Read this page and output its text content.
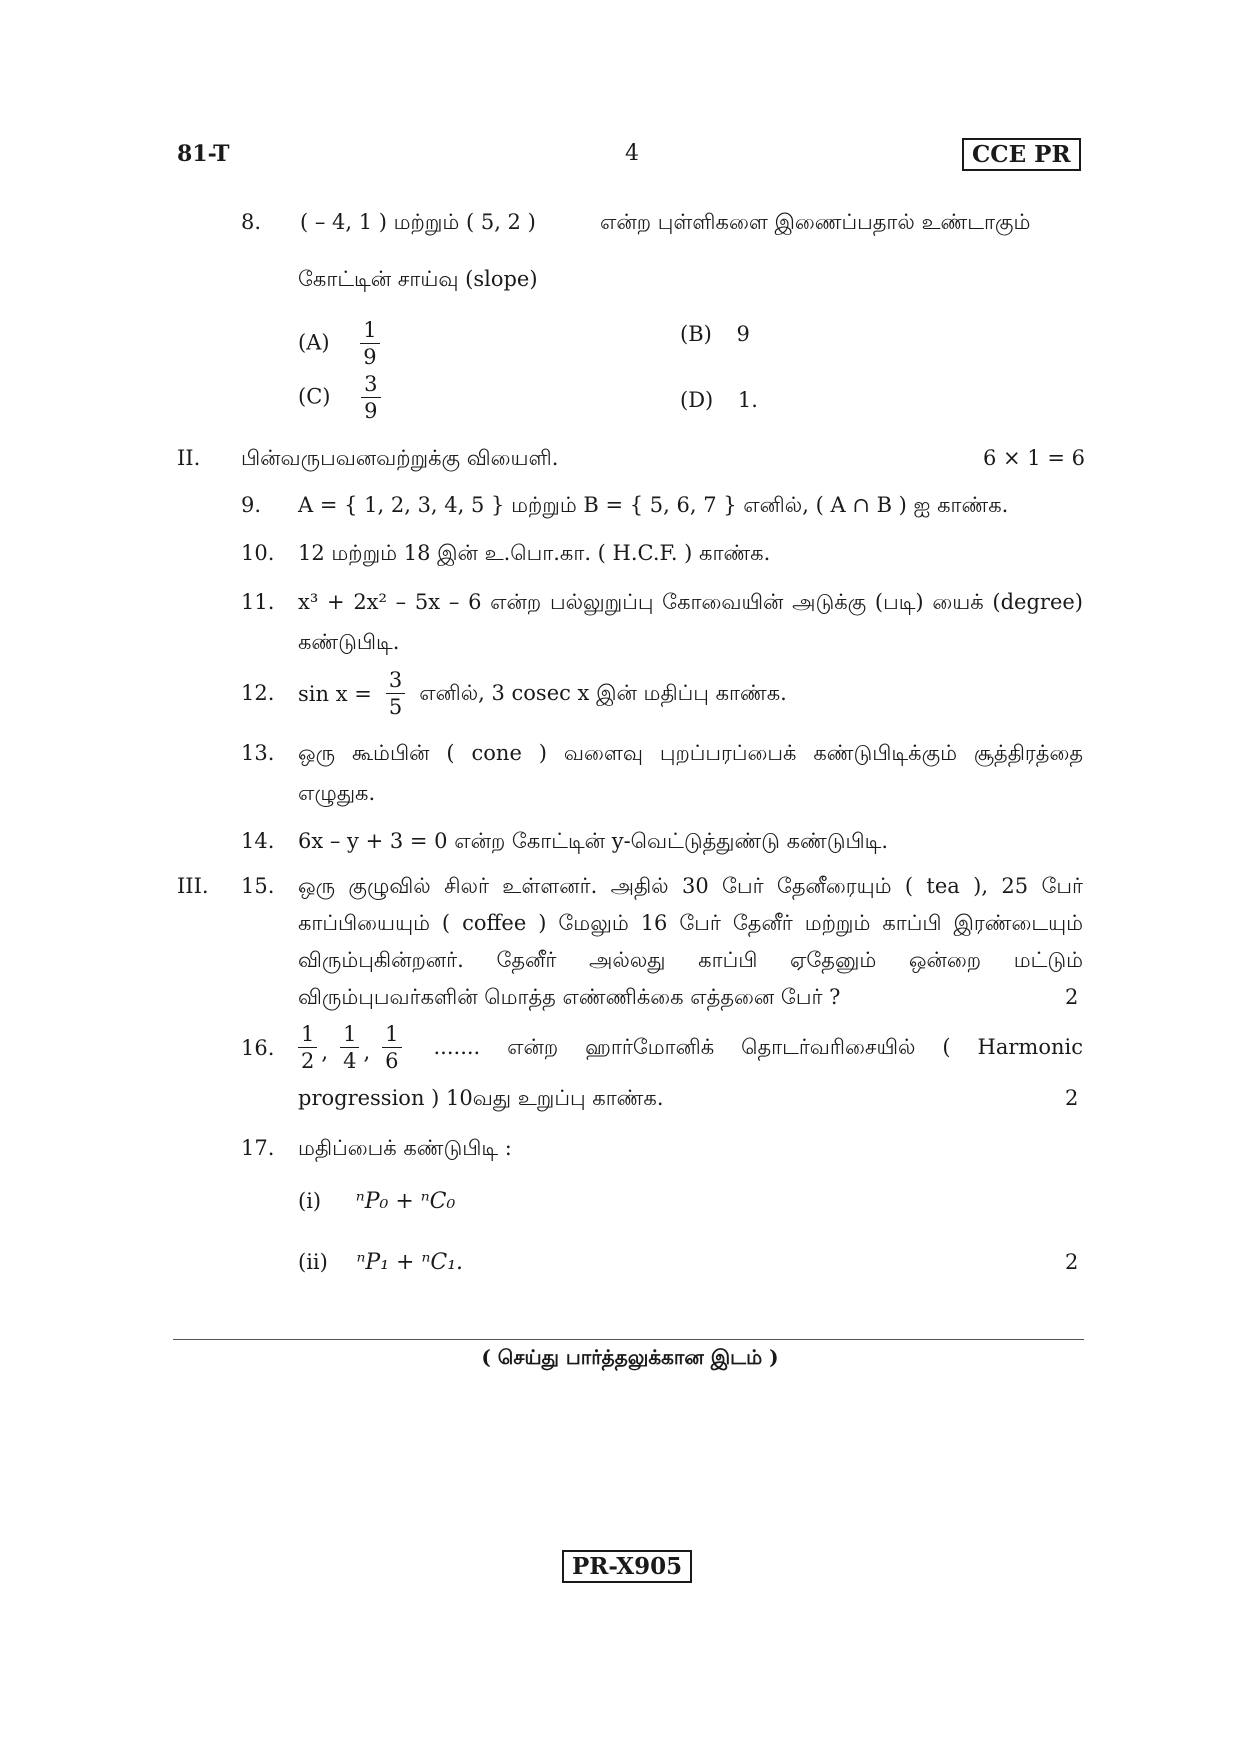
81-T	4	CCE PR
8. ( – 4, 1 ) மற்றும் ( 5, 2 )	என்ற புள்ளிகளை இணைப்பதால் உண்டாகும்
கோட்டின் சாய்வு (slope)
$(A) \frac{1}{9}$	(B) 9
$(C) \frac{3}{9}$	(D) 1.
II. பின்வருபவனவற்றுக்கு வியைளி.	6 × 1 = 6
9. A = { 1, 2, 3, 4, 5 } மற்றும் B = { 5, 6, 7 } எனில், ( A ∩ B ) ஐ காண்க.
10. 12 மற்றும் 18 இன் உ.பொ.கா. ( H.C.F. ) காண்க.
11. x³ + 2x² – 5x – 6 என்ற பல்லுறுப்பு கோவையின் அடுக்கு (படி) யைக் (degree)
கண்டுபிடி.
12. $\sin x = \frac{3}{5}$ எனில், 3 cosec x இன் மதிப்பு காண்க.
13. ஒரு கூம்பின் ( cone ) வளைவு புறப்பரப்பைக் கண்டுபிடிக்கும் சூத்திரத்தை
எழுதுக.
14. 6x – y + 3 = 0 என்ற கோட்டின் y-வெட்டுத்துண்டு கண்டுபிடி.
III. 15. ஒரு குழுவில் சிலர் உள்ளனர். அதில் 30 பேர் தேனீரையும் ( tea ), 25 பேர்
காப்பியையும் ( coffee ) மேலும் 16 பேர் தேனீர் மற்றும் காப்பி இரண்டையும்
விரும்புகின்றனர். தேனீர் அல்லது காப்பி ஏதேனும் ஒன்றை மட்டும்
விரும்புபவர்களின் மொத்த எண்ணிக்கை எத்தனை பேர் ?	2
16. $\frac{1}{2}$ , $\frac{1}{4}$ , $\frac{1}{6}$ ....... என்ற ஹார்மோனிக் தொடர்வரிசையில் ( Harmonic
progression ) 10வது உறுப்பு காண்க.	2
17. மதிப்பைக் கண்டுபிடி :
(i) ⁿP₀ + ⁿC₀
(ii) ⁿP₁ + ⁿC₁.	2
( செய்து பார்த்தலுக்கான இடம் )
PR-X905
